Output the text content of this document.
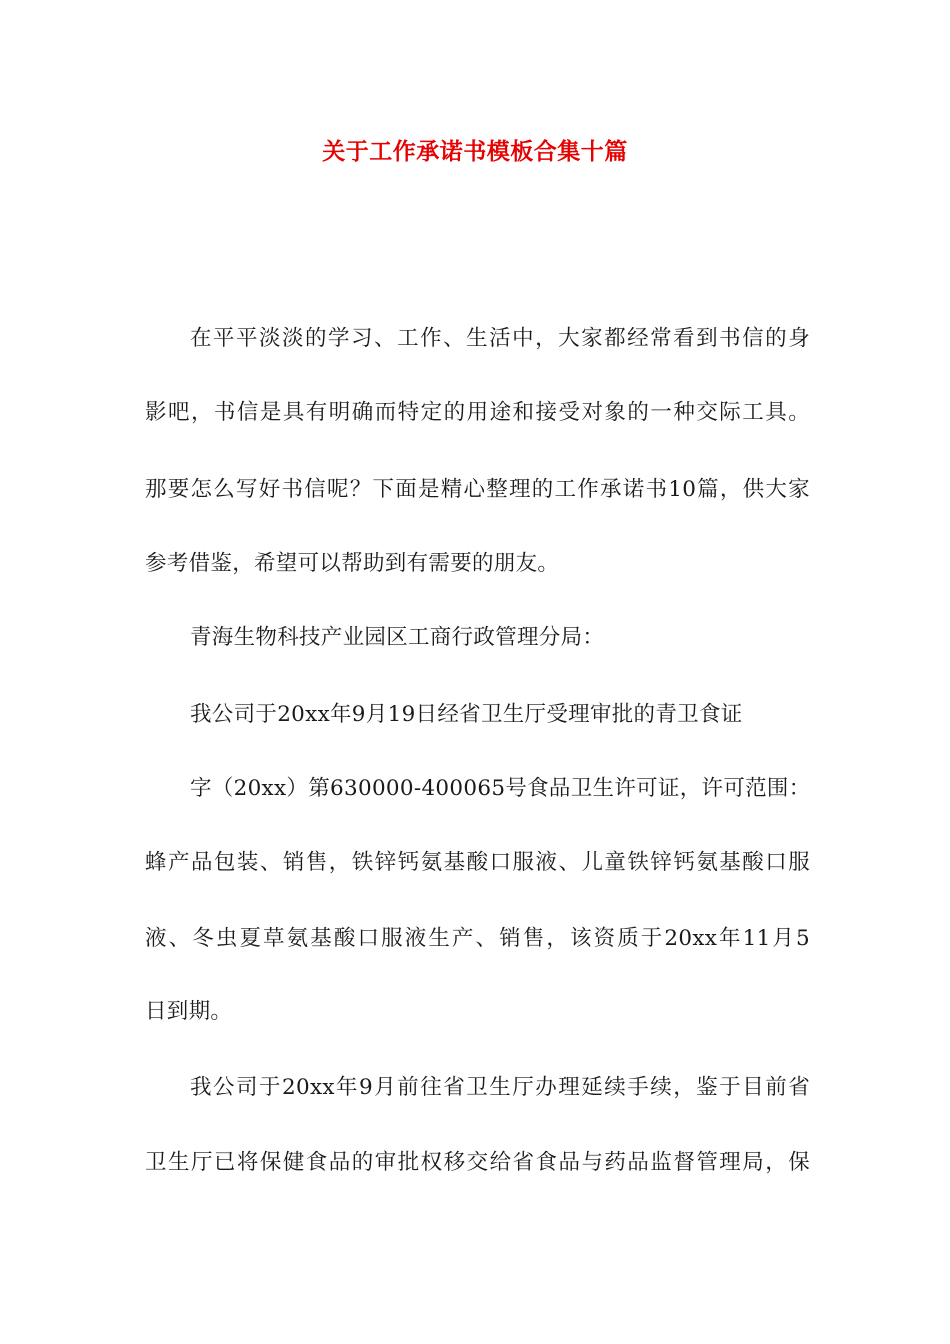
关于工作承诺书模板合集十篇

在平平淡淡的学习、工作、生活中，大家都经常看到书信的身

影吧，书信是具有明确而特定的用途和接受对象的一种交际工具。

那要怎么写好书信呢？下面是精心整理的工作承诺书10篇，供大家

参考借鉴，希望可以帮助到有需要的朋友。

青海生物科技产业园区工商行政管理分局：

我公司于20xx年9月19日经省卫生厅受理审批的青卫食证

字（20xx）第630000-400065号食品卫生许可证，许可范围：

蜂产品包装、销售，铁锌钙氨基酸口服液、儿童铁锌钙氨基酸口服

液、冬虫夏草氨基酸口服液生产、销售，该资质于20xx年11月5

日到期。

我公司于20xx年9月前往省卫生厅办理延续手续，鉴于目前省

卫生厅已将保健食品的审批权移交给省食品与药品监督管理局，保
